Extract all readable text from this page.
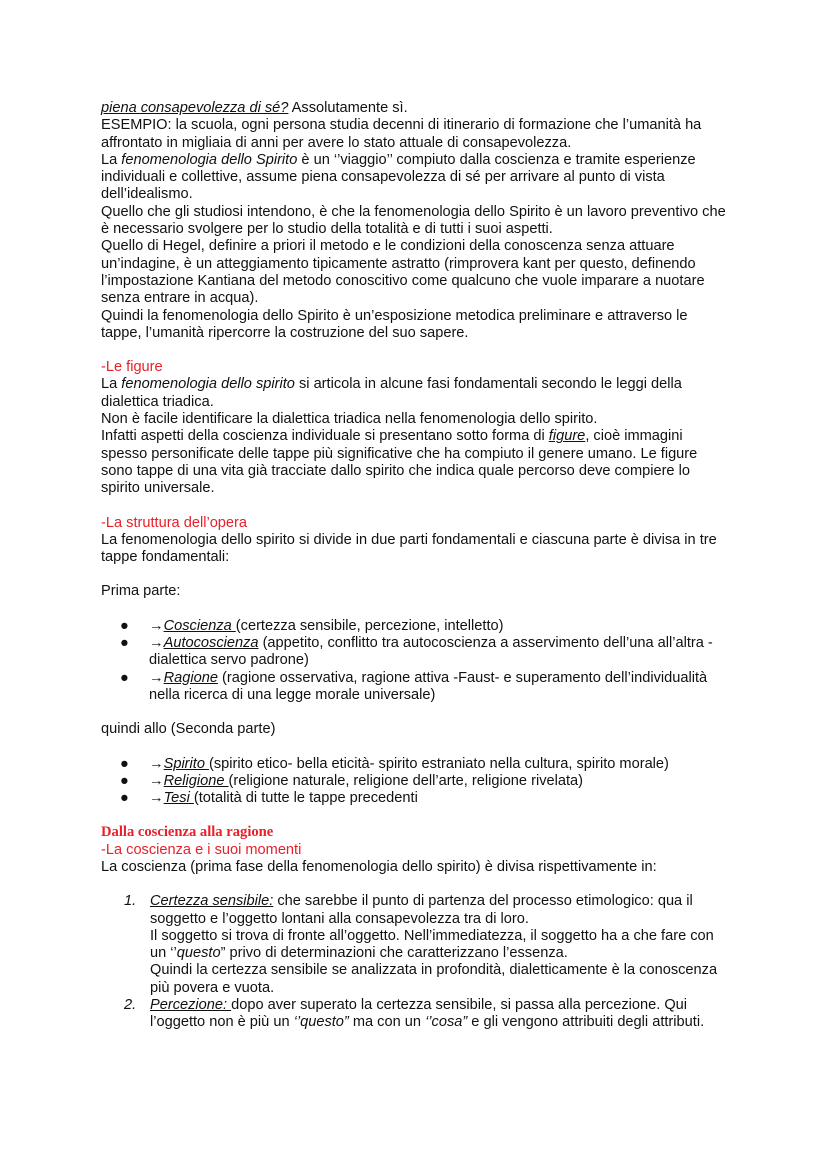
piena consapevolezza di sé? Assolutamente sì.

ESEMPIO: la scuola, ogni persona studia decenni di itinerario di formazione che l’umanità ha affrontato in migliaia di anni per avere lo stato attuale di consapevolezza.

La fenomenologia dello Spirito è un ‘’viaggio’’ compiuto dalla coscienza e tramite esperienze individuali e collettive, assume piena consapevolezza di sé per arrivare al punto di vista dell’idealismo.

Quello che gli studiosi intendono, è che la fenomenologia dello Spirito è un lavoro preventivo che è necessario svolgere per lo studio della totalità e di tutti i suoi aspetti.

Quello di Hegel, definire a priori il metodo e le condizioni della conoscenza senza attuare un’indagine, è un atteggiamento tipicamente astratto (rimprovera kant per questo, definendo l’impostazione Kantiana del metodo conoscitivo come qualcuno che vuole imparare a nuotare senza entrare in acqua).

Quindi la fenomenologia dello Spirito è un’esposizione metodica preliminare e attraverso le tappe, l’umanità ripercorre la costruzione del suo sapere.

-Le figure

La fenomenologia dello spirito si articola in alcune fasi fondamentali secondo le leggi della dialettica triadica.

Non è facile identificare la dialettica triadica nella fenomenologia dello spirito.

Infatti aspetti della coscienza individuale si presentano sotto forma di figure, cioè immagini spesso personificate delle tappe più significative che ha compiuto il genere umano. Le figure sono tappe di una vita già tracciate dallo spirito che indica quale percorso deve compiere lo spirito universale.

-La struttura dell’opera

La fenomenologia dello spirito si divide in due parti fondamentali e ciascuna parte è divisa in tre tappe fondamentali:

Prima parte:

● →Coscienza (certezza sensibile, percezione, intelletto)
● →Autocoscienza (appetito, conflitto tra autocoscienza a asservimento dell’una all’altra -dialettica servo padrone)
● →Ragione (ragione osservativa, ragione attiva -Faust- e superamento dell’individualità nella ricerca di una legge morale universale)

quindi allo (Seconda parte)

● →Spirito (spirito etico- bella eticità- spirito estraniato nella cultura, spirito morale)
● →Religione (religione naturale, religione dell’arte, religione rivelata)
● →Tesi (totalità di tutte le tappe precedenti

Dalla coscienza alla ragione

-La coscienza e i suoi momenti

La coscienza (prima fase della fenomenologia dello spirito) è divisa rispettivamente in:

1. Certezza sensibile: che sarebbe il punto di partenza del processo etimologico: qua il soggetto e l’oggetto lontani alla consapevolezza tra di loro.

Il soggetto si trova di fronte all’oggetto. Nell’immediatezza, il soggetto ha a che fare con un ‘’questo” privo di determinazioni che caratterizzano l’essenza.

Quindi la certezza sensibile se analizzata in profondità, dialetticamente è la conoscenza più povera e vuota.

2. Percezione: dopo aver superato la certezza sensibile, si passa alla percezione. Qui l’oggetto non è più un ‘’questo” ma con un ‘’cosa” e gli vengono attribuiti degli attributi.
